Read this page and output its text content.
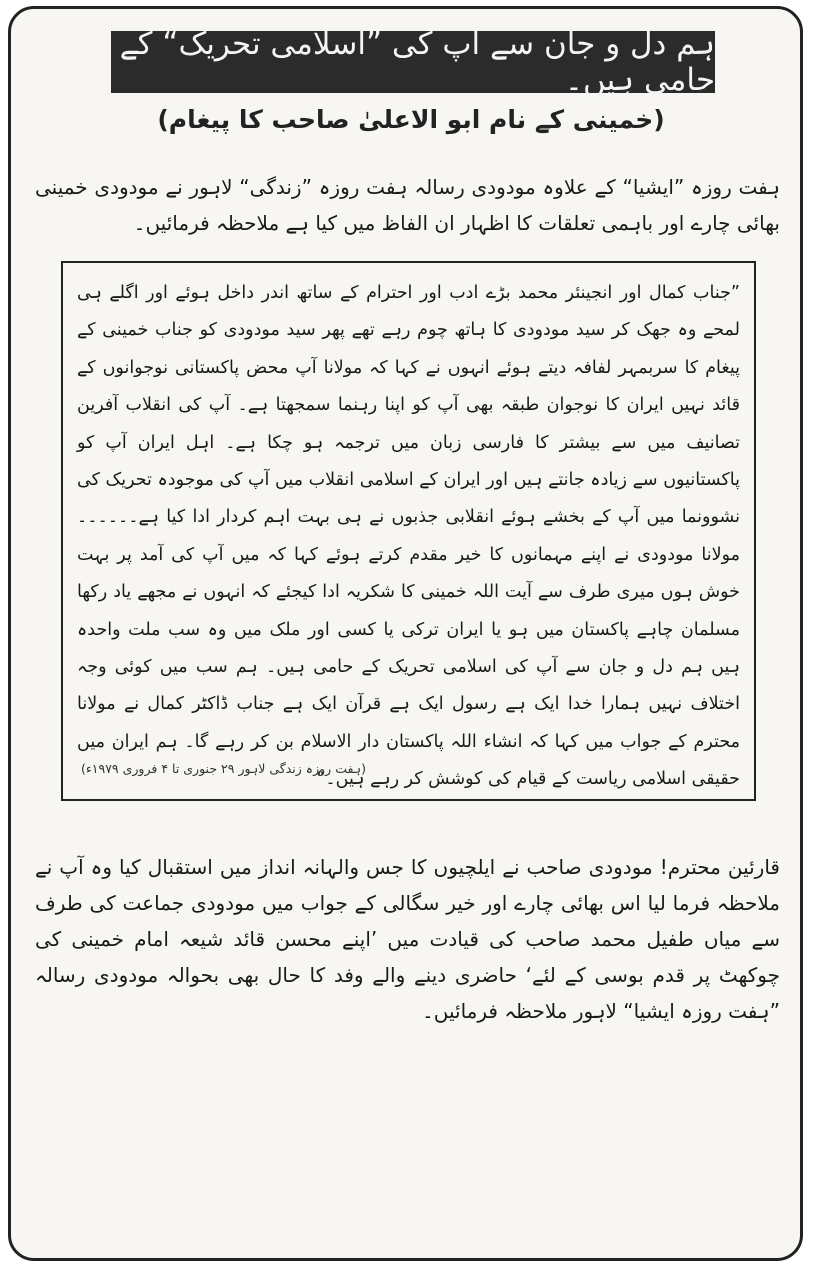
ہم دل و جان سے آپ کی ”اسلامی تحریک“ کے حامی ہیں۔
(خمینی کے نام ابو الاعلیٰ صاحب کا پیغام)
ہفت روزہ ”ایشیا“ کے علاوہ مودودی رسالہ ہفت روزہ ”زندگی“ لاہور نے مودودی خمینی بھائی چارے اور باہمی تعلقات کا اظہار ان الفاظ میں کیا ہے ملاحظہ فرمائیں۔
”جناب کمال اور انجینئر محمد بڑے ادب اور احترام کے ساتھ اندر داخل ہوئے اور اگلے ہی لمحے وہ جھک کر سید مودودی کا ہاتھ چوم رہے تھے پھر سید مودودی کو جناب خمینی کے پیغام کا سربمہر لفافہ دیتے ہوئے انہوں نے کہا کہ مولانا آپ محض پاکستانی نوجوانوں کے قائد نہیں ایران کا نوجوان طبقہ بھی آپ کو اپنا رہنما سمجھتا ہے۔ آپ کی انقلاب آفرین تصانیف میں سے بیشتر کا فارسی زبان میں ترجمہ ہو چکا ہے۔ اہل ایران آپ کو پاکستانیوں سے زیادہ جانتے ہیں اور ایران کے اسلامی انقلاب میں آپ کی موجودہ تحریک کی نشوونما میں آپ کے بخشے ہوئے انقلابی جذبوں نے ہی بہت اہم کردار ادا کیا ہے۔۔۔۔۔۔ مولانا مودودی نے اپنے مہمانوں کا خیر مقدم کرتے ہوئے کہا کہ میں آپ کی آمد پر بہت خوش ہوں میری طرف سے آیت اللہ خمینی کا شکریہ ادا کیجئے کہ انہوں نے مجھے یاد رکھا مسلمان چاہے پاکستان میں ہو یا ایران ترکی یا کسی اور ملک میں وہ سب ملت واحدہ ہیں ہم دل و جان سے آپ کی اسلامی تحریک کے حامی ہیں۔ ہم سب میں کوئی وجہ اختلاف نہیں ہمارا خدا ایک ہے رسول ایک ہے قرآن ایک ہے جناب ڈاکٹر کمال نے مولانا محترم کے جواب میں کہا کہ انشاء اللہ پاکستان دار الاسلام بن کر رہے گا۔ ہم ایران میں حقیقی اسلامی ریاست کے قیام کی کوشش کر رہے ہیں۔“
(ہفت روزہ زندگی لاہور ۲۹ جنوری تا ۴ فروری ۱۹۷۹ء)
قارئین محترم! مودودی صاحب نے ایلچیوں کا جس والہانہ انداز میں استقبال کیا وہ آپ نے ملاحظہ فرما لیا اس بھائی چارے اور خیر سگالی کے جواب میں مودودی جماعت کی طرف سے میاں طفیل محمد صاحب کی قیادت میں ’اپنے محسن قائد شیعہ امام خمینی کی چوکھٹ پر قدم بوسی کے لئے‘ حاضری دینے والے وفد کا حال بھی بحوالہ مودودی رسالہ ”ہفت روزہ ایشیا“ لاہور ملاحظہ فرمائیں۔
